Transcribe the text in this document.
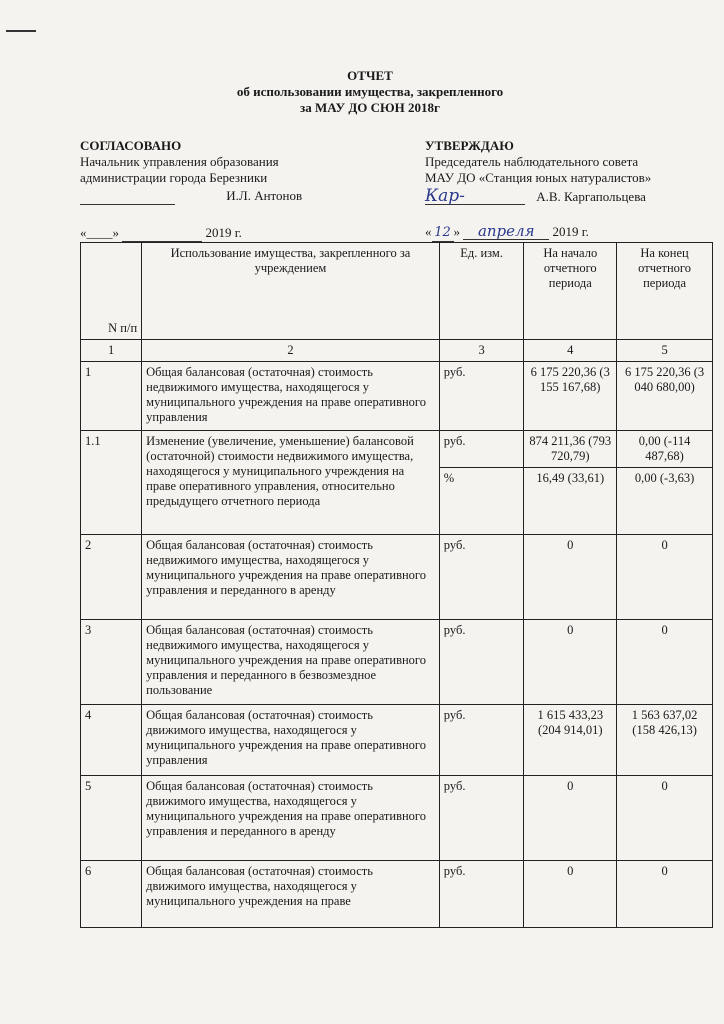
ОТЧЕТ
об использовании имущества, закрепленного
за МАУ ДО СЮН 2018г
СОГЛАСОВАНО
Начальник управления образования
администрации города Березники
И.Л. Антонов
«____»	2019 г.
УТВЕРЖДАЮ
Председатель наблюдательного совета
МАУ ДО «Станция юных натуралистов»
Кар-	А.В. Каргапольцева
« 12 » апреля 2019 г.
N п/п	Использование имущества, закрепленного за учреждением	Ед. изм.	На начало отчетного периода	На конец отчетного периода
1	2	3	4	5
1	Общая балансовая (остаточная) стоимость недвижимого имущества, находящегося у муниципального учреждения на праве оперативного управления	руб.	6 175 220,36 (3 155 167,68)	6 175 220,36 (3 040 680,00)
1.1	Изменение (увеличение, уменьшение) балансовой (остаточной) стоимости недвижимого имущества, находящегося у муниципального учреждения на праве оперативного управления, относительно предыдущего отчетного периода	руб.	874 211,36 (793 720,79)	0,00 (-114 487,68)
		%	16,49 (33,61)	0,00 (-3,63)
2	Общая балансовая (остаточная) стоимость недвижимого имущества, находящегося у муниципального учреждения на праве оперативного управления и переданного в аренду	руб.	0	0
3	Общая балансовая (остаточная) стоимость недвижимого имущества, находящегося у муниципального учреждения на праве оперативного управления и переданного в безвозмездное пользование	руб.	0	0
4	Общая балансовая (остаточная) стоимость движимого имущества, находящегося у муниципального учреждения на праве оперативного управления	руб.	1 615 433,23 (204 914,01)	1 563 637,02 (158 426,13)
5	Общая балансовая (остаточная) стоимость движимого имущества, находящегося у муниципального учреждения на праве оперативного управления и переданного в аренду	руб.	0	0
6	Общая балансовая (остаточная) стоимость движимого имущества, находящегося у муниципального учреждения на праве	руб.	0	0
